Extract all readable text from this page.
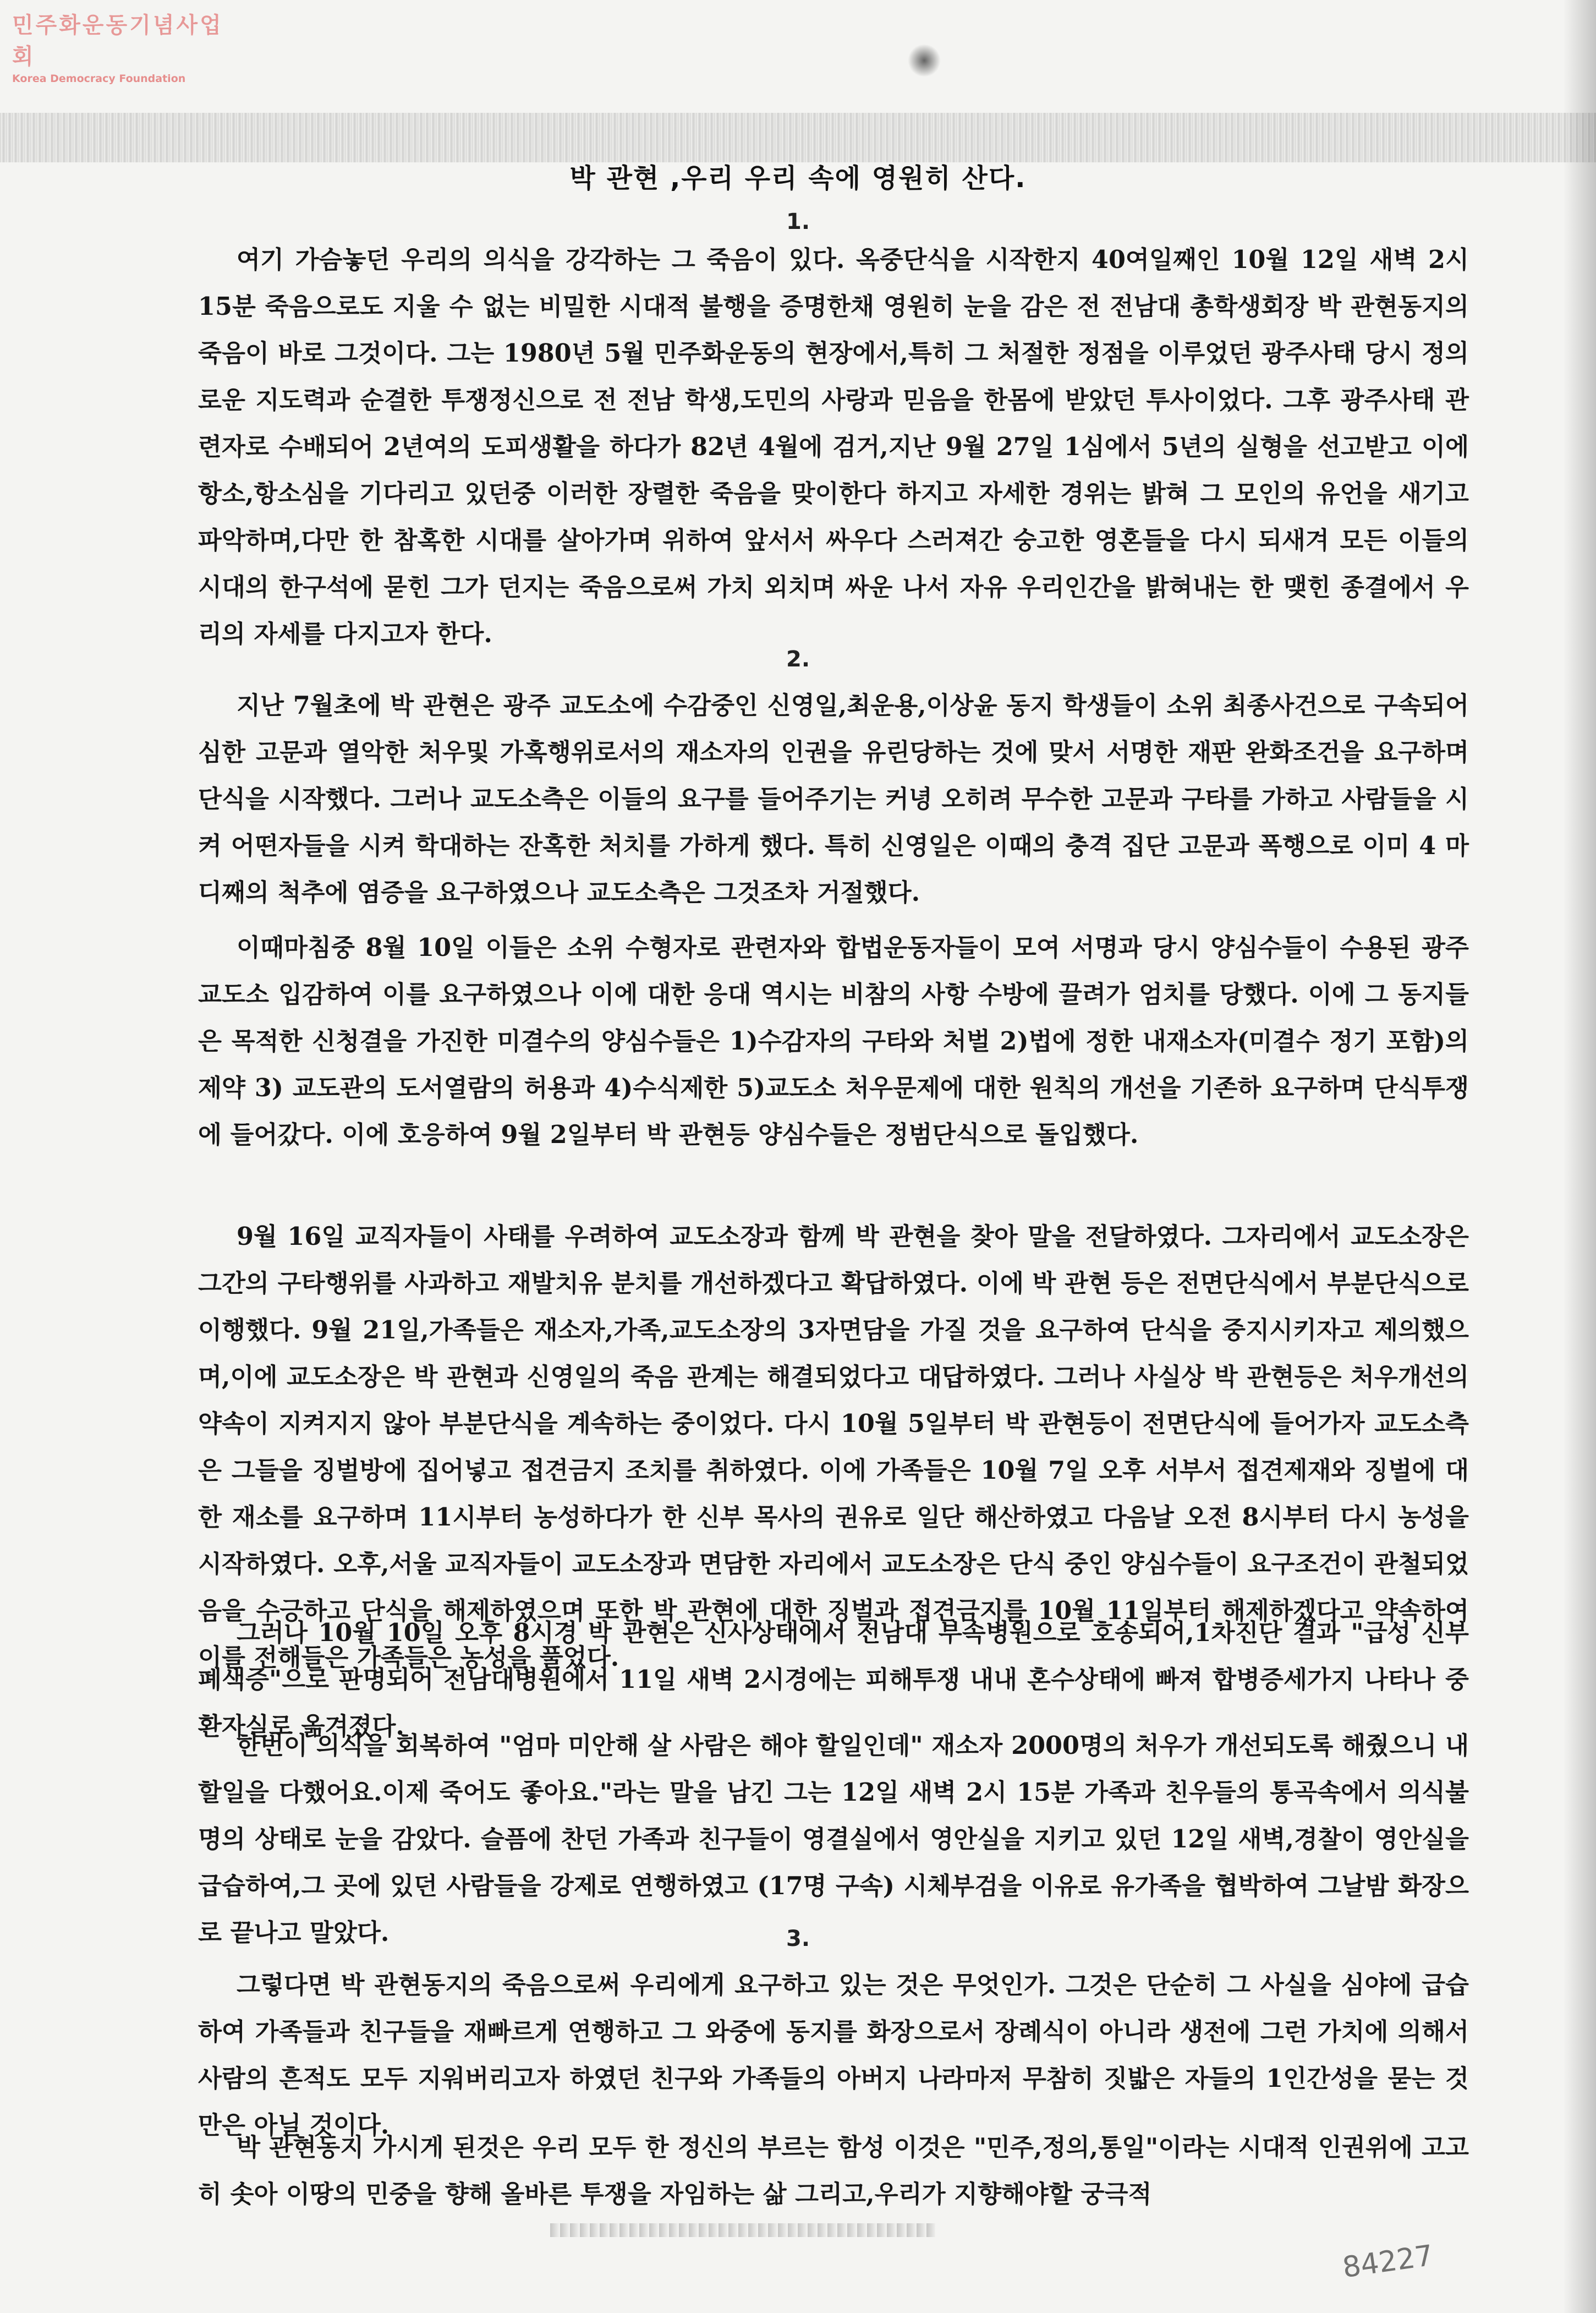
민주화운동기념사업회
Korea Democracy Foundation
박 관현 ,우리 우리 속에 영원히 산다.
1.

여기 가슴놓던 우리의 의식을 강각하는 그 죽음이 있다. 옥중단식을 시작한지 40여일째인 10월 12일 새벽 2시 15분 죽음으로도 지울 수 없는 비밀한 시대적 불행을 증명한채 영원히 눈을 감은 전 전남대 총학생회장 박 관현동지의 죽음이 바로 그것이다. 그는 1980년 5월 민주화운동의 현장에서,특히 그 처절한 정점을 이루었던 광주사태 당시 정의로운 지도력과 순결한 투쟁정신으로 전 전남 학생,도민의 사랑과 믿음을 한몸에 받았던 투사이었다. 그후 광주사태 관련자로 수배되어 2년여의 도피생활을 하다가 82년 4월에 검거,지난 9월 27일 1심에서 5년의 실형을 선고받고 이에 항소,항소심을 기다리고 있던중 이러한 장렬한 죽음을 맞이한다 하지고 자세한 경위는 밝혀 그 모인의 유언을 새기고 파악하며,다만 한 참혹한 시대를 살아가며 위하여 앞서서 싸우다 스러져간 숭고한 영혼들을 다시 되새겨 모든 이들의 시대의 한구석에 묻힌 그가 던지는 죽음으로써 가치 외치며 싸운 나서 자유 우리인간을 밝혀내는 한 맺힌 종결에서 우리의 자세를 다지고자 한다.

2.

지난 7월초에 박 관현은 광주 교도소에 수감중인 신영일,최운용,이상윤 동지 학생들이 소위 최종사건으로 구속되어 심한 고문과 열악한 처우및 가혹행위로서의 재소자의 인권을 유린당하는 것에 맞서 서명한 재판 완화조건을 요구하며 단식을 시작했다. 그러나 교도소측은 이들의 요구를 들어주기는 커녕 오히려 무수한 고문과 구타를 가하고 사람들을 시켜 어떤자들을 시켜 학대하는 잔혹한 처치를 가하게 했다. 특히 신영일은 이때의 충격 집단 고문과 폭행으로 이미 4 마디째의 척추에 염증을 요구하였으나 교도소측은 그것조차 거절했다.

이때마침중 8월 10일 이들은 소위 수형자로 관련자와 합법운동자들이 모여 서명과 당시 양심수들이 수용된 광주 교도소 입감하여 이를 요구하였으나 이에 대한 응대 역시는 비참의 사항 수방에 끌려가 엄치를 당했다. 이에 그 동지들은 목적한 신청결을 가진한 미결수의 양심수들은 1)수감자의 구타와 처벌 2)법에 정한 내재소자(미결수 정기 포함)의 제약 3) 교도관의 도서열람의 허용과 4)수식제한 5)교도소 처우문제에 대한 원칙의 개선을 기존하 요구하며 단식투쟁에 들어갔다. 이에 호응하여 9월 2일부터 박 관현등 양심수들은 정범단식으로 돌입했다.

9월 16일 교직자들이 사태를 우려하여 교도소장과 함께 박 관현을 찾아 말을 전달하였다. 그자리에서 교도소장은 그간의 구타행위를 사과하고 재발치유 분치를 개선하겠다고 확답하였다. 이에 박 관현 등은 전면단식에서 부분단식으로 이행했다. 9월 21일,가족들은 재소자,가족,교도소장의 3자면담을 가질 것을 요구하여 단식을 중지시키자고 제의했으며,이에 교도소장은 박 관현과 신영일의 죽음 관계는 해결되었다고 대답하였다. 그러나 사실상 박 관현등은 처우개선의 약속이 지켜지지 않아 부분단식을 계속하는 중이었다. 다시 10월 5일부터 박 관현등이 전면단식에 들어가자 교도소측은 그들을 징벌방에 집어넣고 접견금지 조치를 취하였다. 이에 가족들은 10월 7일 오후 서부서 접견제재와 징벌에 대한 재소를 요구하며 11시부터 농성하다가 한 신부 목사의 권유로 일단 해산하였고 다음날 오전 8시부터 다시 농성을 시작하였다. 오후,서울 교직자들이 교도소장과 면담한 자리에서 교도소장은 단식 중인 양심수들이 요구조건이 관철되었음을 수긍하고 단식을 해제하였으며 또한 박 관현에 대한 징벌과 접견금지를 10월 11일부터 해제하겠다고 약속하여 이를 전해들은 가족들은 농성을 풀었다.

그러나 10월 10일 오후 8시경 박 관현은 신사상태에서 전남대 부속병원으로 호송되어,1차진단 결과 "급성 신부 폐색증"으로 판명되어 전남대병원에서 11일 새벽 2시경에는 피해투쟁 내내 혼수상태에 빠져 합병증세가지 나타나 중환자실로 옮겨졌다.

한번이 의식을 회복하여 "엄마 미안해 살 사람은 해야 할일인데" 재소자 2000명의 처우가 개선되도록 해줬으니 내 할일을 다했어요.이제 죽어도 좋아요."라는 말을 남긴 그는 12일 새벽 2시 15분 가족과 친우들의 통곡속에서 의식불명의 상태로 눈을 감았다. 슬픔에 찬던 가족과 친구들이 영결실에서 영안실을 지키고 있던 12일 새벽,경찰이 영안실을 급습하여,그 곳에 있던 사람들을 강제로 연행하였고 (17명 구속) 시체부검을 이유로 유가족을 협박하여 그날밤 화장으로 끝나고 말았다.	3.

그렇다면 박 관현동지의 죽음으로써 우리에게 요구하고 있는 것은 무엇인가. 그것은 단순히 그 사실을 심야에 급습하여 가족들과 친구들을 재빠르게 연행하고 그 와중에 동지를 화장으로서 장례식이 아니라 생전에 그런 가치에 의해서 사람의 흔적도 모두 지워버리고자 하였던 친구와 가족들의 아버지 나라마저 무참히 짓밟은 자들의 1인간성을 묻는 것만은 아닐 것이다.

박 관현동지 가시게 된것은 우리 모두 한 정신의 부르는 함성 이것은 "민주,정의,통일"이라는 시대적 인권위에 고고히 솟아 이땅의 민중을 향해 올바른 투쟁을 자임하는 삶 그리고,우리가 지향해야할 궁극적

84227
